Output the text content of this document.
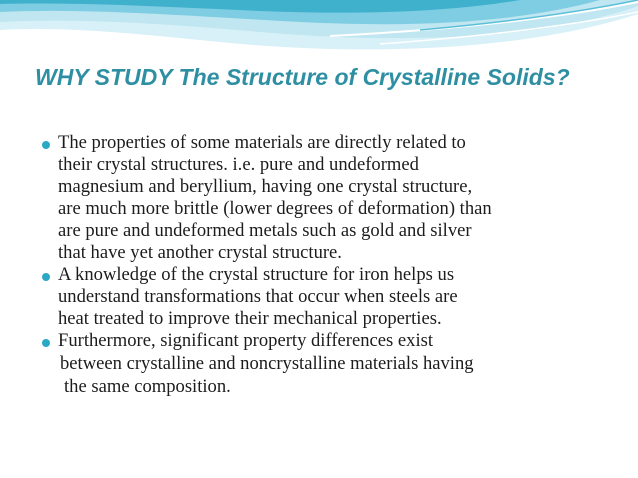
WHY STUDY The Structure of Crystalline Solids?
The properties of some materials are directly related to
their crystal structures. i.e. pure and undeformed
magnesium and beryllium, having one crystal structure,
are much more brittle (lower degrees of deformation) than
are pure and undeformed metals such as gold and silver
that have yet another crystal structure.
A knowledge of the crystal structure for iron helps us
understand transformations that occur when steels are
heat treated to improve their mechanical properties.
Furthermore, significant property differences exist
between crystalline and noncrystalline materials having
the same composition.
